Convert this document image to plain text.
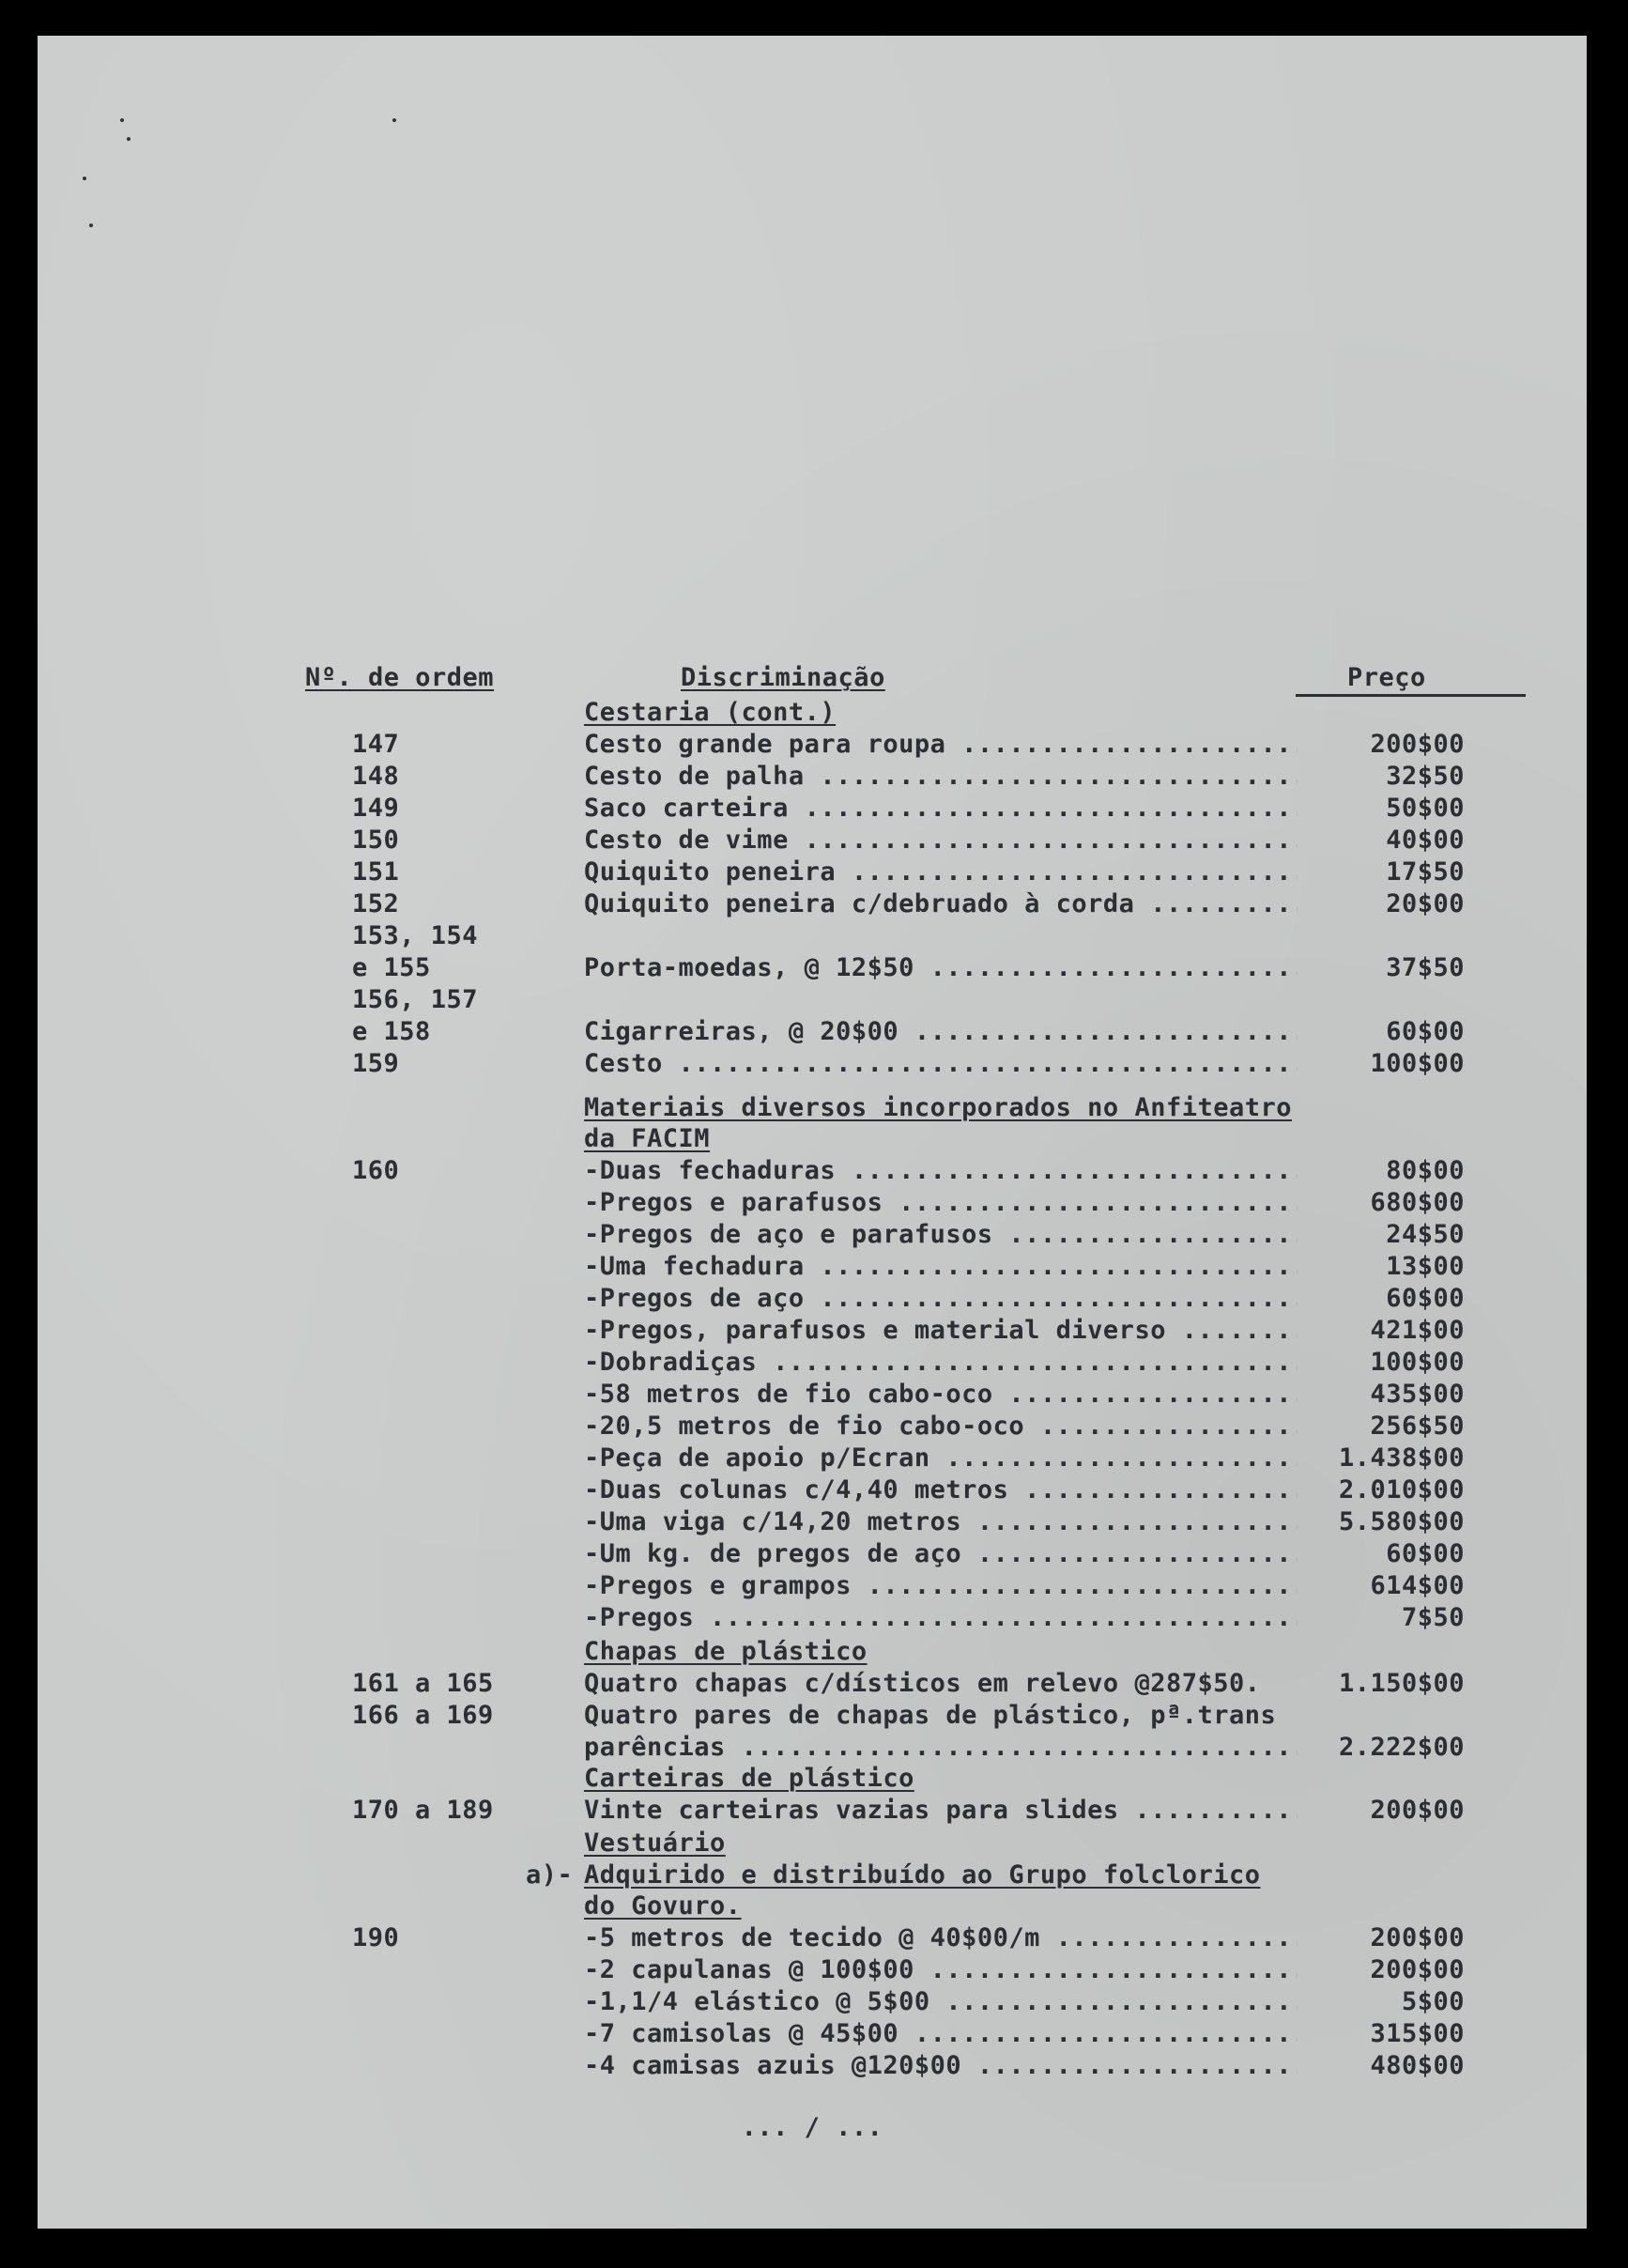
Nº. de ordem	Discriminação	Preço
Cestaria (cont.)
Materiais diversos incorporados no Anfiteatro
da FACIM
Chapas de plástico
Carteiras de plástico
Vestuário
a)- Adquirido e distribuído ao Grupo folclorico
do Govuro.
147	Cesto grande para roupa .....	200$00
148	Cesto de palha .....	32$50
149	Saco carteira .....	50$00
150	Cesto de vime .....	40$00
151	Quiquito peneira .....	17$50
152	Quiquito peneira c/debruado à corda .....	20$00
153, 154
e 155	Porta-moedas, @ 12$50 .....	37$50
156, 157
e 158	Cigarreiras, @ 20$00 .....	60$00
159	Cesto .....	100$00
160	-Duas fechaduras .....	80$00
-Pregos e parafusos .....	680$00
-Pregos de aço e parafusos .....	24$50
-Uma fechadura .....	13$00
-Pregos de aço .....	60$00
-Pregos, parafusos e material diverso .....	421$00
-Dobradiças .....	100$00
-58 metros de fio cabo-oco .....	435$00
-20,5 metros de fio cabo-oco .....	256$50
-Peça de apoio p/Ecran .....	1.438$00
-Duas colunas c/4,40 metros .....	2.010$00
-Uma viga c/14,20 metros .....	5.580$00
-Um kg. de pregos de aço .....	60$00
-Pregos e grampos .....	614$00
-Pregos .....	7$50
161 a 165	Quatro chapas c/dísticos em relevo @287$50.	1.150$00
166 a 169	Quatro pares de chapas de plástico, pª.trans
parências .....	2.222$00
170 a 189	Vinte carteiras vazias para slides .....	200$00
190	-5 metros de tecido @ 40$00/m .....	200$00
-2 capulanas @ 100$00 .....	200$00
-1,1/4 elástico @ 5$00 .....	5$00
-7 camisolas @ 45$00 .....	315$00
-4 camisas azuis @120$00 .....	480$00
... / ...
